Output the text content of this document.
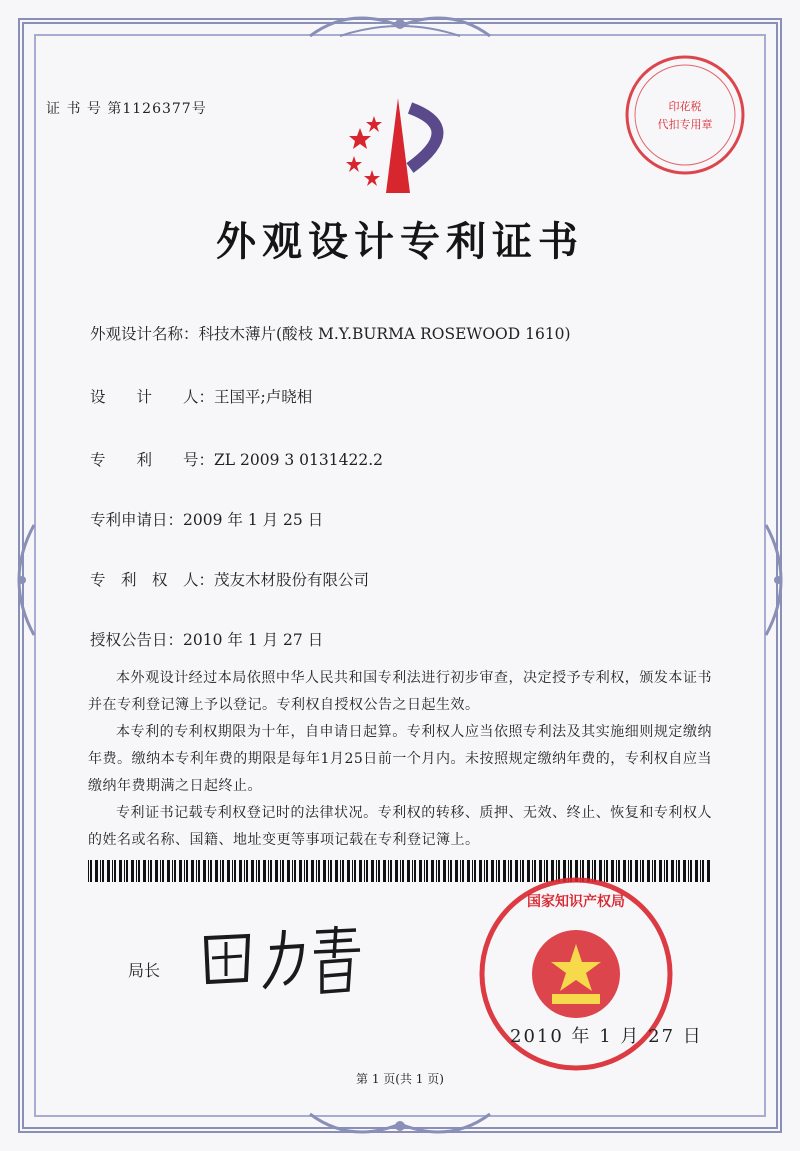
证 书 号 第1126377号	印花税
代扣专用章
外观设计专利证书
外观设计名称：科技木薄片(酸枝 M.Y.BURMA ROSEWOOD 1610)
设　　计　　人：王国平;卢晓相
专　　利　　号：ZL 2009 3 0131422.2
专利申请日：2009 年 1 月 25 日
专　利　权　人：茂友木材股份有限公司
授权公告日：2010 年 1 月 27 日
本外观设计经过本局依照中华人民共和国专利法进行初步审查，决定授予专利权，颁发本证书并在专利登记簿上予以登记。专利权自授权公告之日起生效。
本专利的专利权期限为十年，自申请日起算。专利权人应当依照专利法及其实施细则规定缴纳年费。缴纳本专利年费的期限是每年1月25日前一个月内。未按照规定缴纳年费的，专利权自应当缴纳年费期满之日起终止。
专利证书记载专利权登记时的法律状况。专利权的转移、质押、无效、终止、恢复和专利权人的姓名或名称、国籍、地址变更等事项记载在专利登记簿上。
局长
国家知识产权局
2010 年 1 月 27 日
第 1 页(共 1 页)
